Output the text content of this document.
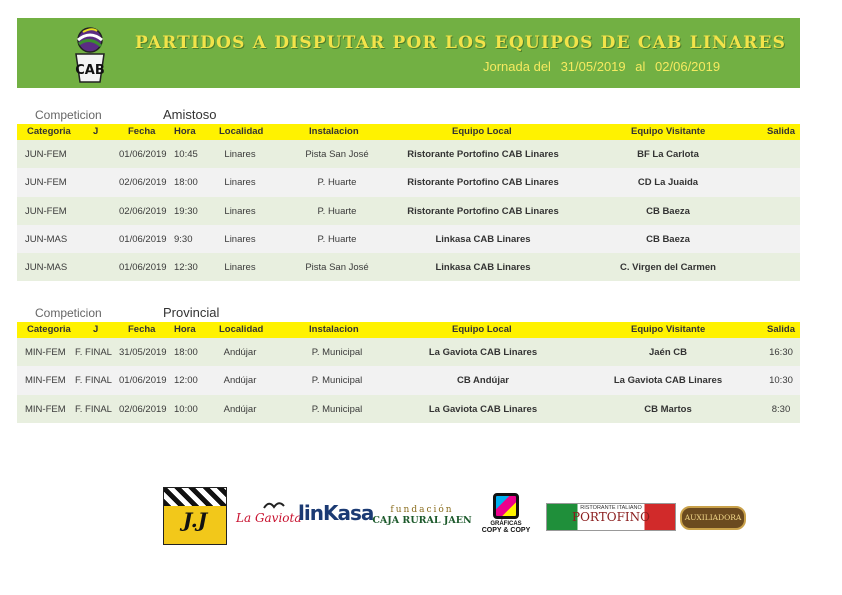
CAB
PARTIDOS A DISPUTAR POR LOS EQUIPOS DE CAB LINARES
Jornada del 31/05/2019 al 02/06/2019
Competicion	Amistoso
Categoria J	Fecha Hora Localidad	Instalacion	Equipo Local	Equipo Visitante	Salida
JUN-FEM	01/06/2019 10:45	Linares	Pista San José	Ristorante Portofino CAB Linares	BF La Carlota
JUN-FEM	02/06/2019 18:00	Linares	P. Huarte	Ristorante Portofino CAB Linares	CD La Juaida
JUN-FEM	02/06/2019 19:30	Linares	P. Huarte	Ristorante Portofino CAB Linares	CB Baeza
JUN-MAS	01/06/2019 9:30	Linares	P. Huarte	Linkasa CAB Linares	CB Baeza
JUN-MAS	01/06/2019 12:30	Linares	Pista San José	Linkasa CAB Linares	C. Virgen del Carmen
Competicion	Provincial
Categoria J	Fecha Hora Localidad	Instalacion	Equipo Local	Equipo Visitante	Salida
MIN-FEM F. FINAL 31/05/2019 18:00	Andújar	P. Municipal	La Gaviota CAB Linares	Jaén CB	16:30
MIN-FEM F. FINAL 01/06/2019 12:00	Andújar	P. Municipal	CB Andújar	La Gaviota CAB Linares	10:30
MIN-FEM F. FINAL 02/06/2019 10:00	Andújar	P. Municipal	La Gaviota CAB Linares	CB Martos	8:30
J.J	La Gaviota
linKasa	fundación
CAJA RURAL JAEN	GRÁFICAS
COPY & COPY
RISTORANTE ITALIANO
PORTOFINO	AUXILIADORA
